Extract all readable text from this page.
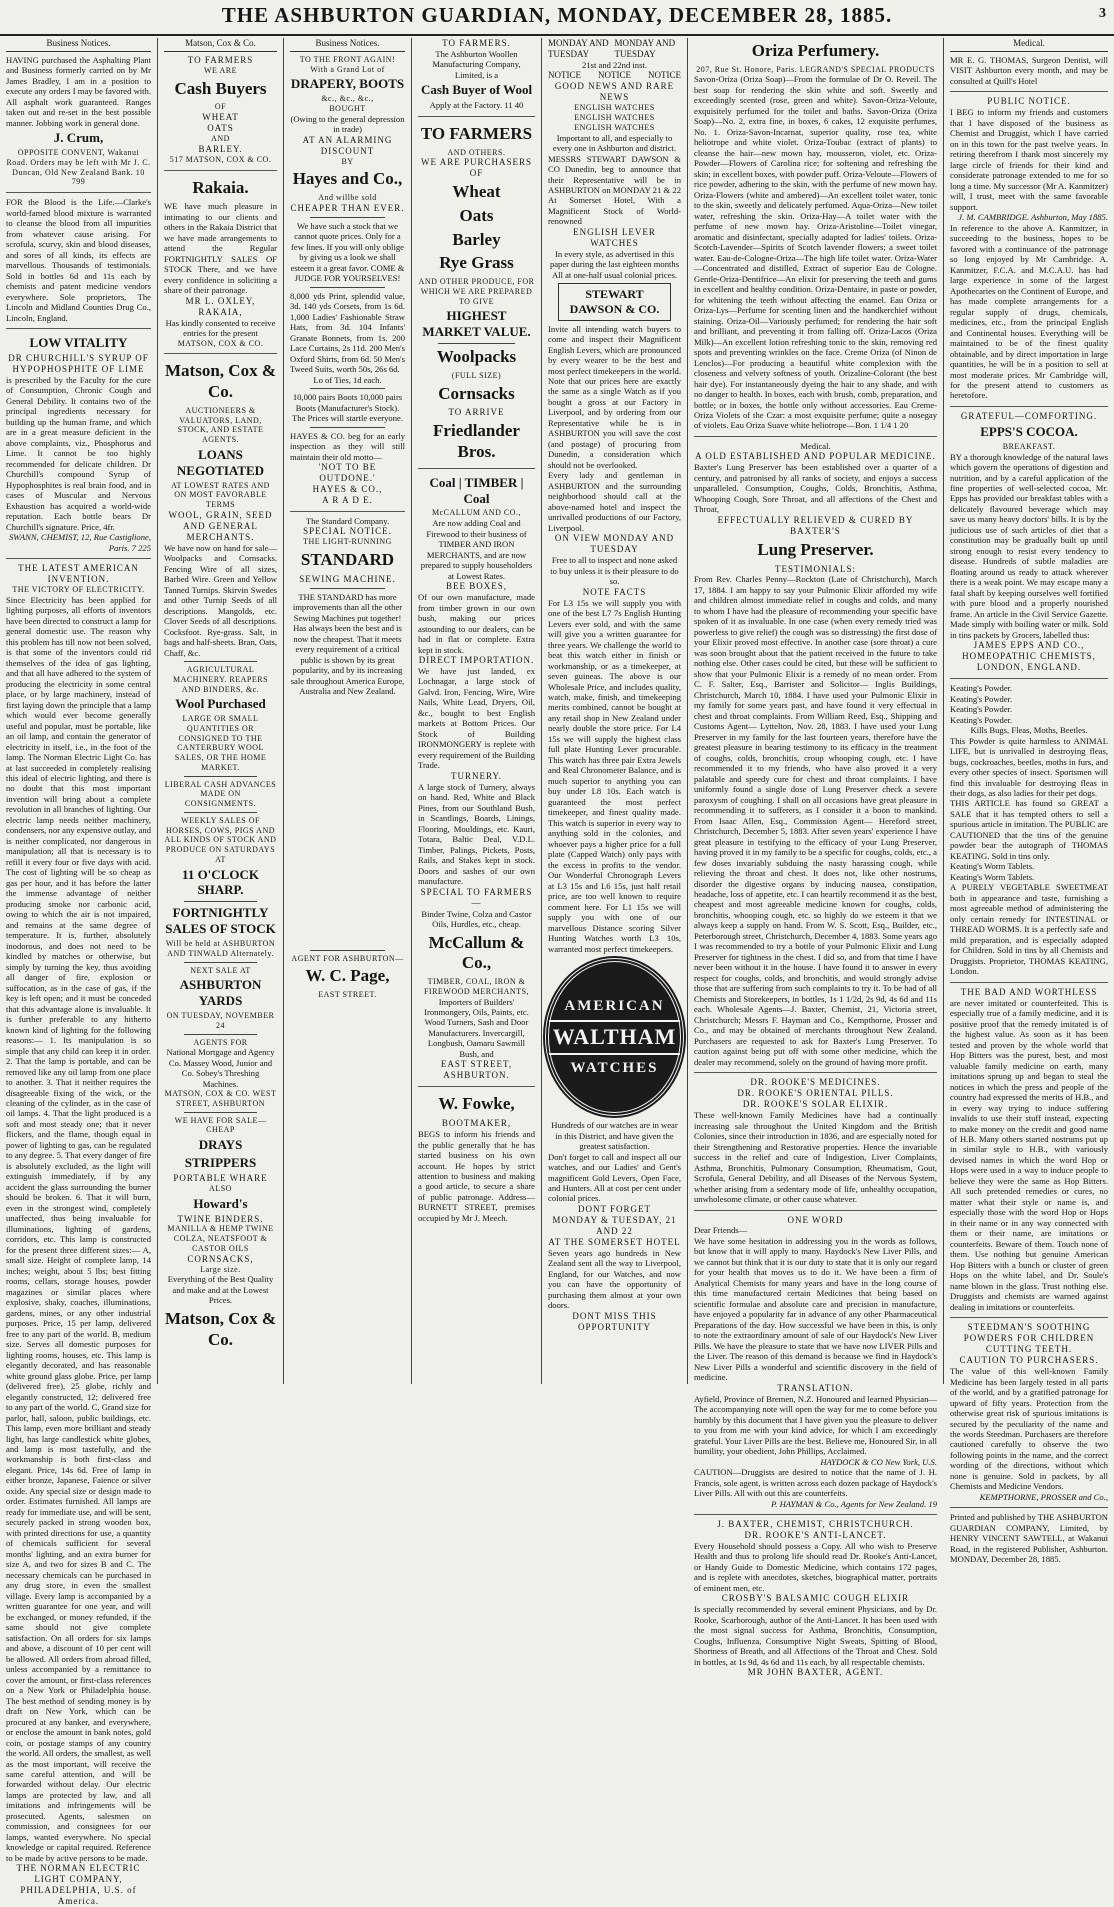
THE ASHBURTON GUARDIAN, MONDAY, DECEMBER 28, 1885.	3
Business Notices.
HAVING purchased the Asphalting Plant and Business formerly carried on by Mr James Bradley, I am in a position to execute any orders I may be favored with. All asphalt work guaranteed. Ranges taken out and re-set in the best possible manner. Jobbing work in general done.
J. Crum,
OPPOSITE CONVENT, Wakanui Road. Orders may be left with Mr J. C. Duncan, Old New Zealand Bank. 10 799
FOR the Blood is the Life.—Clarke's world-famed blood mixture is warranted to cleanse the blood from all impurities from whatever cause arising. For scrofula, scurvy, skin and blood diseases, and sores of all kinds, its effects are marvellous. Thousands of testimonials. Sold in bottles 6d and 11s each by chemists and patent medicine vendors everywhere. Sole proprietors, The Lincoln and Midland Counties Drug Co., Lincoln, England.
LOW VITALITY
DR CHURCHILL'S SYRUP OF HYPOPHOSPHITE OF LIME
is prescribed by the Faculty for the cure of Consumption, Chronic Cough and General Debility. It contains two of the principal ingredients necessary for building up the human frame, and which are in a great measure deficient in the above complaints, viz., Phosphorus and Lime. It cannot be too highly recommended for delicate children. Dr Churchill's compound Syrup of Hypophosphites is real brain food, and in cases of Muscular and Nervous Exhaustion has acquired a world-wide reputation. Each bottle bears Dr Churchill's signature. Price, 4fr.
SWANN, CHEMIST, 12, Rue Castiglione, Paris. 7 225
THE LATEST AMERICAN INVENTION.
THE VICTORY OF ELECTRICITY.
Since Electricity has been applied for lighting purposes, all efforts of inventors have been directed to construct a lamp for general domestic use. The reason why this problem has till now not been solved, is that some of the inventors could rid themselves of the idea of gas lighting, and that all have adhered to the system of producing the electricity in some central place, or by large machinery, instead of first laying down the principle that a lamp which would ever become generally useful and popular, must be portable, like an oil lamp, and contain the generator of electricity in itself, i.e., in the foot of the lamp. The Norman Electric Light Co. has at last succeeded in completely realising this ideal of electric lighting, and there is no doubt that this most important invention will bring about a complete revolution in all branches of lighting. Our electric lamp needs neither machinery, condensers, nor any expensive outlay, and is neither complicated, nor dangerous in manipulation; all that is necessary is to refill it every four or five days with acid. The cost of lighting will be so cheap as gas per hour, and it has before the latter the immense advantage of neither producing smoke nor carbonic acid, owing to which the air is not impaired, and remains at the same degree of temperature. It is, further, absolutely inodorous, and does not need to be kindled by matches or otherwise, but simply by turning the key, thus avoiding all danger of fire, explosion or suffocation, as in the case of gas, if the key is left open; and it must be conceded that this advantage alone is invaluable. It is further preferable to any hitherto known kind of lighting for the following reasons:— 1. Its manipulation is so simple that any child can keep it in order. 2. That the lamp is portable, and can be removed like any oil lamp from one place to another. 3. That it neither requires the disagreeable fixing of the wick, or the cleaning of the cylinder, as in the case of oil lamps. 4. That the light produced is a soft and most steady one; that it never flickers, and the flame, though equal in power of lighting to gas, can be regulated to any degree. 5. That every danger of fire is absolutely excluded, as the light will extinguish immediately, if by any accident the glass surrounding the burner should be broken. 6. That it will burn, even in the strongest wind, completely unaffected, thus being invaluable for illuminations, lighting of gardens, corridors, etc. This lamp is constructed for the present three different sizes:— A, small size. Height of complete lamp, 14 inches; weight, about 5 lbs; best fitting rooms, cellars, storage houses, powder magazines or similar places where explosive, shaky, coaches, illuminations, gardens, mines, or any other industrial purposes. Price, 15 per lamp, delivered free to any part of the world. B, medium size. Serves all domestic purposes for lighting rooms, houses, etc. This lamp is elegantly decorated, and has reasonable white ground glass globe. Price, per lamp (delivered free), 25 globe, richly and elegantly constructed, 12; delivered free to any part of the world. C, Grand size for parlor, hall, saloon, public buildings, etc. This lamp, even more brilliant and steady light, has large candlestick white globes, and lamp is most tastefully, and the workmanship is both first-class and elegant. Price, 14s 6d. Free of lamp in either bronze, Japanese, Faience or silver oxide. Any special size or design made to order. Estimates furnished. All lamps are ready for immediate use, and will be sent, securely packed in strong wooden box, with printed directions for use, a quantity of chemicals sufficient for several months' lighting, and an extra burner for size A, and two for sizes B and C. The necessary chemicals can be purchased in any drug store, in even the smallest village. Every lamp is accompanied by a written guarantee for one year, and will be exchanged, or money refunded, if the same should not give complete satisfaction. On all orders for six lamps and above, a discount of 10 per cent will be allowed. All orders from abroad filled, unless accompanied by a remittance to cover the amount, or first-class references on a New York or Philadelphia house. The best method of sending money is by draft on New York, which can be procured at any banker, and everywhere, or enclose the amount in bank notes, gold coin, or postage stamps of any country the world. All orders, the smallest, as well as the most important, will receive the same careful attention, and will be forwarded without delay. Our electric lamps are protected by law, and all imitations and infringements will be prosecuted. Agents, salesmen on commission, and consignees for our lamps, wanted everywhere. No special knowledge or capital required. Reference to be made by active persons to be made.
THE NORMAN ELECTRIC LIGHT COMPANY, PHILADELPHIA, U.S. of America.
Matson, Cox & Co.
TO FARMERS
WE ARE
Cash Buyers
OF
WHEAT
OATS
AND
BARLEY.
517 MATSON, COX & CO.
Rakaia.
WE have much pleasure in intimating to our clients and others in the Rakaia District that we have made arrangements to attend the Regular FORTNIGHTLY SALES OF STOCK There, and we have every confidence in soliciting a share of their patronage.
MR L. OXLEY, RAKAIA,
Has kindly consented to receive entries for the present
MATSON, COX & CO.
Matson, Cox & Co.
AUCTIONEERS & VALUATORS, LAND, STOCK, AND ESTATE AGENTS.
LOANS NEGOTIATED
AT LOWEST RATES AND ON MOST FAVORABLE TERMS
WOOL, GRAIN, SEED AND GENERAL MERCHANTS.
We have now on hand for sale— Woolpacks and Cornsacks. Fencing Wire of all sizes, Barbed Wire. Green and Yellow Tanned Turnips. Skirvin Swedes and other Turnip Seeds of all descriptions. Mangolds, etc. Clover Seeds of all descriptions. Cocksfoot. Rye-grass. Salt, in bags and half-sheets. Bran, Oats, Chaff, &c.
AGRICULTURAL MACHINERY. REAPERS AND BINDERS, &c.
Wool Purchased
LARGE OR SMALL QUANTITIES OR CONSIGNED TO THE CANTERBURY WOOL SALES, OR THE HOME MARKET.
LIBERAL CASH ADVANCES MADE ON CONSIGNMENTS.
WEEKLY SALES OF HORSES, COWS, PIGS AND ALL KINDS OF STOCK AND PRODUCE ON SATURDAYS AT
11 O'CLOCK SHARP.
FORTNIGHTLY SALES OF STOCK
Will be held at ASHBURTON AND TINWALD Alternately.
NEXT SALE AT
ASHBURTON YARDS
ON TUESDAY, NOVEMBER 24
AGENTS FOR
National Mortgage and Agency Co. Massey Wood, Junior and Co. Sobey's Threshing Machines.
MATSON, COX & CO. WEST STREET, ASHBURTON
WE HAVE FOR SALE—CHEAP
DRAYS
STRIPPERS
PORTABLE WHARE
ALSO
Howard's
TWINE BINDERS.
MANILLA & HEMP TWINE
COLZA, NEATSFOOT & CASTOR OILS
CORNSACKS,
Large size.
Everything of the Best Quality and make and at the Lowest Prices.
Matson, Cox & Co.
Business Notices.
TO THE FRONT AGAIN! With a Grand Lot of
DRAPERY, BOOTS
&c., &c., &c.,
BOUGHT
(Owing to the general depression in trade)
AT AN ALARMING DISCOUNT
BY
Hayes and Co.,
And willbe sold
CHEAPER THAN EVER.
We have such a stock that we cannot quote prices. Only for a few lines. If you will only oblige by giving us a look we shall esteem it a great favor. COME & JUDGE FOR YOURSELVES!
8,000 yds Print, splendid value, 3d. 140 yds Corsets, from 1s 6d. 1,000 Ladies' Fashionable Straw Hats, from 3d. 104 Infants' Granate Bonnets, from 1s. 200 Lace Curtains, 2s 11d. 200 Men's Oxford Shirts, from 6d. 50 Men's Tweed Suits, worth 50s, 26s 6d.
Lo of Ties, 1d each.
10,000 pairs Boots 10,000 pairs Boots (Manufacturer's Stock).
The Prices will startle everyone.
HAYES & CO. beg for an early inspection as they will still maintain their old motto—
'NOT TO BE OUTDONE.'
HAYES & CO.,
A R A D E.
The Standard Company.
SPECIAL NOTICE.
THE LIGHT-RUNNING
STANDARD
SEWING MACHINE.
THE STANDARD has more improvements than all the other Sewing Machines put together! Has always been the best and is now the cheapest. That it meets every requirement of a critical public is shown by its great popularity, and by its increasing sale throughout America Europe, Australia and New Zealand.
AGENT FOR ASHBURTON—
W. C. Page,
EAST STREET.
TO FARMERS.
The Ashburton Woollen Manufacturing Company, Limited, is a
Cash Buyer of Wool
Apply at the Factory. 11 40
TO FARMERS
AND OTHERS.
WE ARE PURCHASERS OF
Wheat
Oats
Barley
Rye Grass
AND OTHER PRODUCE, FOR WHICH WE ARE PREPARED TO GIVE
HIGHEST MARKET VALUE.
Woolpacks
(FULL SIZE)
Cornsacks
TO ARRIVE
Friedlander Bros.
Coal | TIMBER | Coal
McCALLUM AND CO.,
Are now adding Coal and Firewood to their business of TIMBER AND IRON MERCHANTS, and are now prepared to supply householders at Lowest Rates.
BEE BOXES,
Of our own manufacture, made from timber grown in our own bush, making our prices astounding to our dealers, can be had in flat or complete. Extra kept in stock.
DIRECT IMPORTATION.
We have just landed, ex Lochnagar, a large stock of Galvd. Iron, Fencing, Wire, Wire Nails, White Lead, Dryers, Oil, &c., bought to best English markets at Bottom Prices. Our Stock of Building IRONMONGERY is replete with every requirement of the Building Trade.
TURNERY.
A large stock of Turnery, always on hand. Red, White and Black Pines, from our Southland Bush, in Scantlings, Boards, Linings, Flooring, Mouldings, etc. Kauri, Totara, Baltic Deal, V.D.L. Timber, Palings, Pickets, Posts, Rails, and Stakes kept in stock. Doors and sashes of our own manufacture.
SPECIAL TO FARMERS—
Binder Twine, Colza and Castor Oils, Hurdles, etc., cheap.
McCallum & Co.,
TIMBER, COAL, IRON & FIREWOOD MERCHANTS,
Importers of Builders' Ironmongery, Oils, Paints, etc. Wood Turners, Sash and Door Manufacturers. Invercargill, Longbush, Oamaru Sawmill Bush, and
EAST STREET, ASHBURTON.
W. Fowke,
BOOTMAKER,
BEGS to inform his friends and the public generally that he has started business on his own account. He hopes by strict attention to business and making a good article, to secure a share of public patronage. Address—BURNETT STREET, premises occupied by Mr J. Meech.
MONDAY AND TUESDAY
MONDAY AND TUESDAY
21st and 22nd inst.
NOTICE NOTICE NOTICE
GOOD NEWS AND RARE NEWS
ENGLISH WATCHES
ENGLISH WATCHES
ENGLISH WATCHES
Important to all, and especially to every one in Ashburton and district.
MESSRS STEWART DAWSON & CO Dunedin, beg to announce that their Representative will be in ASHBURTON on MONDAY 21 & 22 At Somerset Hotel, With a Magnificent Stock of World-renowned
ENGLISH LEVER WATCHES
In every style, as advertised in this paper during the last eighteen months
All at one-half usual colonial prices.
STEWART DAWSON & CO.
Invite all intending watch buyers to come and inspect their Magnificent English Levers, which are pronounced by every wearer to be the best and most perfect timekeepers in the world. Note that our prices here are exactly the same as a single Watch as if you bought a gross at our Factory in Liverpool, and by ordering from our Representative while he is in ASHBURTON you will save the cost (and postage) of procuring from Dunedin, a consideration which should not be overlooked.
Every lady and gentleman in ASHBURTON and the surrounding neighborhood should call at the above-named hotel and inspect the unrivalled productions of our Factory, Liverpool.
ON VIEW MONDAY AND TUESDAY
Free to all to inspect and none asked to buy unless it is their pleasure to do so.
NOTE FACTS
For L3 15s we will supply you with one of the best L7 7s English Hunting Levers ever sold, and with the same will give you a written guarantee for three years. We challenge the world to beat this watch either in finish or workmanship, or as a timekeeper, at seven guineas. The above is our Wholesale Price, and includes quality, watch, make, finish, and timekeeping merits combined, cannot be bought at any retail shop in New Zealand under nearly double the store price. For L4 15s we will supply the highest class full plate Hunting Lever procurable. This watch has three pair Extra Jewels and Real Chronometer Balance, and is much superior to anything you can buy under L8 10s. Each watch is guaranteed the most perfect timekeeper, and finest quality made. This watch is superior in every way to anything sold in the colonies, and whoever pays a higher price for a full plate (Capped Watch) only pays with the excess in profits to the vendor. Our Wonderful Chronograph Levers at L3 15s and L6 15s, just half retail price, are too well known to require comment here. For L1 15s we will supply you with one of our marvellous Distance scoring Silver Hunting Watches worth L3 10s, warranted most perfect timekeepers.
AMERICAN
WALTHAM
WATCHES
Hundreds of our watches are in wear in this District, and have given the greatest satisfaction.
Don't forget to call and inspect all our watches, and our Ladies' and Gent's magnificent Gold Levers, Open Face, and Hunters. All at cost per cent under colonial prices.
DONT FORGET
MONDAY & TUESDAY, 21 AND 22
AT THE SOMERSET HOTEL
Seven years ago hundreds in New Zealand sent all the way to Liverpool, England, for our Watches, and now you can have the opportunity of purchasing them almost at your own doors.
DONT MISS THIS OPPORTUNITY
Oriza Perfumery.
207, Rue St. Honore, Paris. LEGRAND'S SPECIAL PRODUCTS
Savon-Oriza (Oriza Soap)—From the formulae of Dr O. Reveil. The best soap for rendering the skin white and soft. Sweetly and exceedingly scented (rose, green and white). Savon-Oriza-Veloute, exquisitely perfumed for the toilet and baths. Savon-Oriza (Oriza Soap)—No. 2, extra fine, in boxes, 6 cakes, 12 exquisite perfumes, No. 1. Oriza-Savon-Incarnat, superior quality, rose tea, white heliotrope and white violet. Oriza-Toubac (extract of plants) to cleanse the hair—new mown hay, mousseron, violet, etc. Oriza-Powder—Flowers of Carolina rice; for softening and refreshing the skin; in excellent boxes, with powder puff. Oriza-Veloute—Flowers of rice powder, adhering to the skin, with the perfume of new mown hay. Oriza-Flowers (white and ambered)—An excellent toilet water, tonic to the skin, sweetly and delicately perfumed. Aqua-Oriza—New toilet water, refreshing the skin. Oriza-Hay—A toilet water with the perfume of new mown hay. Oriza-Aristoline—Toilet vinegar, aromatic and disinfectant, specially adapted for ladies' toilets. Oriza-Scotch-Lavender—Spirits of Scotch lavender flowers; a sweet toilet water. Eau-de-Cologne-Oriza—The high life toilet water. Oriza-Water—Concentrated and distilled, Extract of superior Eau de Cologne. Gentle-Oriza-Dentifrice—An elixir for preserving the teeth and gums in excellent and healthy condition. Oriza-Dentaire, in paste or powder, for whitening the teeth without affecting the enamel. Eau Oriza or Oriza-Lys—Perfume for scenting linen and the handkerchief without staining. Oriza-Oil—Variously perfumed; for rendering the hair soft and brilliant, and preventing it from falling off. Oriza-Lacos (Oriza Milk)—An excellent lotion refreshing tonic to the skin, removing red spots and preventing wrinkles on the face. Creme Oriza (of Ninon de Lenclos)—For producing a beautiful white complexion with the closeness and velvety softness of youth. Orizaline-Colorant (the best hair dye). For instantaneously dyeing the hair to any shade, and with no danger to health. In boxes, each with brush, comb, preparation, and bottle; or in boxes, the bottle only without accessories. Eau Creme-Oriza Violets of the Czar: a most exquisite perfume; quite a nosegay of violets. Eau Oriza Suave white heliotrope—Bon. 1 1/4 1 20
Medical.
A OLD ESTABLISHED AND POPULAR MEDICINE.
Baxter's Lung Preserver has been established over a quarter of a century, and patronised by all ranks of society, and enjoys a success unparalleled. Consumption, Coughs, Colds, Bronchitis, Asthma, Whooping Cough, Sore Throat, and all affections of the Chest and Throat,
EFFECTUALLY RELIEVED & CURED BY BAXTER'S
Lung Preserver.
TESTIMONIALS:
From Rev. Charles Penny—Rockton (Late of Christchurch), March 17, 1884. I am happy to say your Pulmonic Elixir afforded my wife and children almost immediate relief in coughs and colds, and many to whom I have had the pleasure of recommending your specific have spoken of it as invaluable. In one case (when every remedy tried was powerless to give relief) the cough was so distressing) the first dose of your Elixir proved most effective. In another case (sore throat) a cure was soon brought about that the patient received in the future to take nothing else. Other cases could be cited, but these will be sufficient to show that your Pulmonic Elixir is a remedy of no mean order. From C. F. Salter, Esq., Barrister and Solicitor— Inglis Buildings, Christchurch, March 10, 1884. I have used your Pulmonic Elixir in my family for some years past, and have found it very effectual in chest and throat complaints. From William Reed, Esq., Shipping and Customs Agent— Lyttelton, Nov. 28, 1883. I have used your Lung Preserver in my family for the last fourteen years, therefore have the greatest pleasure in bearing testimony to its efficacy in the treatment of coughs, colds, bronchitis, croup whooping cough, etc. I have recommended it to my friends, who have also proved it a very palatable and speedy cure for chest and throat complaints. I have uniformly found a single dose of Lung Preserver check a severe paroxysm of coughing. I shall on all occasions have great pleasure in recommending it to sufferers, as I consider it a boon to mankind. From Isaac Allen, Esq., Commission Agent— Hereford street, Christchurch, December 5, 1883. After seven years' experience I have great pleasure in testifying to the efficacy of your Lung Preserver, having proved it in my family to be a specific for coughs, colds, etc., a few doses invariably subduing the nasty harassing cough, while relieving the throat and chest. It does not, like other nostrums, disorder the digestive organs by inducing nausea, constipation, headache, loss of appetite, etc. I can heartily recommend it as the best, cheapest and most agreeable medicine known for coughs, colds, bronchitis, whooping cough, etc. so highly do we esteem it that we always keep a supply on hand. From W. S. Scott, Esq., Builder, etc., Peterborough street, Christchurch, December 4, 1883. Some years ago I was recommended to try a bottle of your Pulmonic Elixir and Lung Preserver for tightness in the chest. I did so, and from that time I have never been without it in the house. I have found it to answer in every respect for coughs, colds, and bronchitis, and would strongly advise those that are suffering from such complaints to try it. To be had of all Chemists and Storekeepers, in bottles, 1s 1 1/2d, 2s 9d, 4s 6d and 11s each. Wholesale Agents—J. Baxter, Chemist, 21, Victoria street, Christchurch; Messrs F. Hayman and Co., Kempthorne, Prosser and Co., and may be obtained of merchants throughout New Zealand. Purchasers are requested to ask for Baxter's Lung Preserver. To caution against being put off with some other medicine, which the dealer may recommend, solely on the ground of having more profit.
DR. ROOKE'S MEDICINES.
DR. ROOKE'S ORIENTAL PILLS.
DR. ROOKE'S SOLAR ELIXIR.
These well-known Family Medicines have had a continually increasing sale throughout the United Kingdom and the British Colonies, since their introduction in 1836, and are especially noted for their Strengthening and Restorative properties. Hence the invariable success in the relief and cure of Indigestion, Liver Complaints, Asthma, Bronchitis, Pulmonary Consumption, Rheumatism, Gout, Scrofula, General Debility, and all Diseases of the Nervous System, whether arising from a sedentary mode of life, unhealthy occupation, unwholesome climate, or other cause whatever.
ONE WORD
Dear Friends—
We have some hesitation in addressing you in the words as follows, but know that it will apply to many. Haydock's New Liver Pills, and we cannot but think that it is our duty to state that it is only our regard for your health that moves us to do it. We have been a firm of Analytical Chemists for many years and have in the long course of this time manufactured certain Medicines that being based on scientific formulae and absolute care and precision in manufacture, have enjoyed a popularity far in advance of any other Pharmaceutical Preparations of the day. How successful we have been in this, is only to note the extraordinary amount of sale of our Haydock's New Liver Pills. We have the pleasure to state that we have now LIVER Pills and the Liver. The reason of this demand is because we find in Haydock's New Liver Pills a wonderful and scientific discovery in the field of medicine.
TRANSLATION.
Ayfield, Province of Bremen, N.Z. Honoured and learned Physician—The accompanying note will open the way for me to come before you humbly by this document that I have given you the pleasure to deliver to you from me with your kind advice, for which I am exceedingly grateful. Your Liver Pills are the best. Believe me, Honoured Sir, in all humility, your obedient, John Phillips, Acclaimed.
HAYDOCK & CO New York, U.S.
CAUTION—Druggists are desired to notice that the name of J. H. Francis, sole agent, is written across each dozen package of Haydock's Liver Pills. All with out this are counterfeits.
P. HAYMAN & Co., Agents for New Zealand. 19
J. BAXTER, CHEMIST, CHRISTCHURCH.
DR. ROOKE'S ANTI-LANCET.
Every Household should possess a Copy. All who wish to Preserve Health and thus to prolong life should read Dr. Rooke's Anti-Lancet, or Handy Guide to Domestic Medicine, which contains 172 pages, and is replete with anecdotes, sketches, biographical matter, portraits of eminent men, etc.
CROSBY'S BALSAMIC COUGH ELIXIR
Is specially recommended by several eminent Physicians, and by Dr. Rooke, Scarborough, author of the Anti-Lancet. It has been used with the most signal success for Asthma, Bronchitis, Consumption, Coughs, Influenza, Consumptive Night Sweats, Spitting of Blood, Shortness of Breath, and all Affections of the Throat and Chest. Sold in bottles, at 1s 9d, 4s 6d and 11s each, by all respectable chemists.
MR JOHN BAXTER, AGENT.
Medical.
MR E. G. THOMAS, Surgeon Dentist, will VISIT Ashburton every month, and may be consulted at Quill's Hotel
PUBLIC NOTICE.
I BEG to inform my friends and customers that I have disposed of the business as Chemist and Druggist, which I have carried on in this town for the past twelve years. In retiring therefrom I thank most sincerely my large circle of friends for their kind and considerate patronage extended to me for so long a time. My successor (Mr A. Kanmitzer) will, I trust, meet with the same favorable support.
J. M. CAMBRIDGE. Ashburton, May 1885.
In reference to the above A. Kanmitzer, in succeeding to the business, hopes to be favored with a continuance of the patronage so long enjoyed by Mr Cambridge. A. Kanmitzer, F.C.A. and M.C.A.U. has had large experience in some of the largest Apothecaries on the Continent of Europe, and has made complete arrangements for a regular supply of drugs, chemicals, medicines, etc., from the principal English and Continental houses. Everything will be maintained to be of the finest quality obtainable, and by direct importation in large quantities, he will be in a position to sell at most moderate prices. Mr Cambridge will, for the present attend to customers as heretofore.
GRATEFUL—COMFORTING.
EPPS'S COCOA.
BREAKFAST.
BY a thorough knowledge of the natural laws which govern the operations of digestion and nutrition, and by a careful application of the fine properties of well-selected cocoa, Mr. Epps has provided our breakfast tables with a delicately flavoured beverage which may save us many heavy doctors' bills. It is by the judicious use of such articles of diet that a constitution may be gradually built up until strong enough to resist every tendency to disease. Hundreds of subtle maladies are floating around us ready to attack wherever there is a weak point. We may escape many a fatal shaft by keeping ourselves well fortified with pure blood and a properly nourished frame. An article in the Civil Service Gazette. Made simply with boiling water or milk. Sold in tins packets by Grocers, labelled thus:
JAMES EPPS AND CO., HOMEOPATHIC CHEMISTS, LONDON, ENGLAND.
Keating's Powder.
Keating's Powder.
Keating's Powder.
Keating's Powder.
Kills Bugs, Fleas, Moths, Beetles.
This Powder is quite harmless to ANIMAL LIFE, but is unrivalled in destroying fleas, bugs, cockroaches, beetles, moths in furs, and every other species of insect. Sportsmen will find this invaluable for destroying fleas in their dogs, as also ladies for their pet dogs.
THIS ARTICLE has found so GREAT a SALE that it has tempted others to sell a spurious article in imitation. The PUBLIC are CAUTIONED that the tins of the genuine powder bear the autograph of THOMAS KEATING. Sold in tins only.
Keating's Worm Tablets.
Keating's Worm Tablets.
A PURELY VEGETABLE SWEETMEAT both in appearance and taste, furnishing a most agreeable method of administering the only certain remedy for INTESTINAL or THREAD WORMS. It is a perfectly safe and mild preparation, and is especially adapted for Children. Sold in tins by all Chemists and Druggists. Proprietor, THOMAS KEATING, London.
THE BAD AND WORTHLESS
are never imitated or counterfeited. This is especially true of a family medicine, and it is positive proof that the remedy imitated is of the highest value. As soon as it has been tested and proven by the whole world that Hop Bitters was the purest, best, and most valuable family medicine on earth, many imitations sprung up and began to steal the notices in which the press and people of the country had expressed the merits of H.B., and in every way trying to induce suffering invalids to use their stuff instead, expecting to make money on the credit and good name of H.B. Many others started nostrums put up in similar style to H.B., with variously devised names in which the word Hop or Hops were used in a way to induce people to believe they were the same as Hop Bitters. All such pretended remedies or cures, no matter what their style or name is, and especially those with the word Hop or Hops in their name or in any way connected with them or their name, are imitations or counterfeits. Beware of them. Touch none of them. Use nothing but genuine American Hop Bitters with a bunch or cluster of green Hops on the white label, and Dr. Soule's name blown in the glass. Trust nothing else. Druggists and chemists are warned against dealing in imitations or counterfeits.
STEEDMAN'S SOOTHING POWDERS FOR CHILDREN CUTTING TEETH.
CAUTION TO PURCHASERS.
The value of this well-known Family Medicine has been largely tested in all parts of the world, and by a gratified patronage for upward of fifty years. Protection from the otherwise great risk of spurious imitations is secured by the peculiarity of the name and the words Steedman. Purchasers are therefore cautioned carefully to observe the two following points in the name, and the correct wording of the directions, without which none is genuine. Sold in packets, by all Chemists and Medicine Vendors.
KEMPTHORNE, PROSSER and Co.,
Printed and published by THE ASHBURTON GUARDIAN COMPANY, Limited, by HENRY VINCENT SAWTELL, at Wakanui Road, in the registered Publisher, Ashburton. MONDAY, December 28, 1885.
